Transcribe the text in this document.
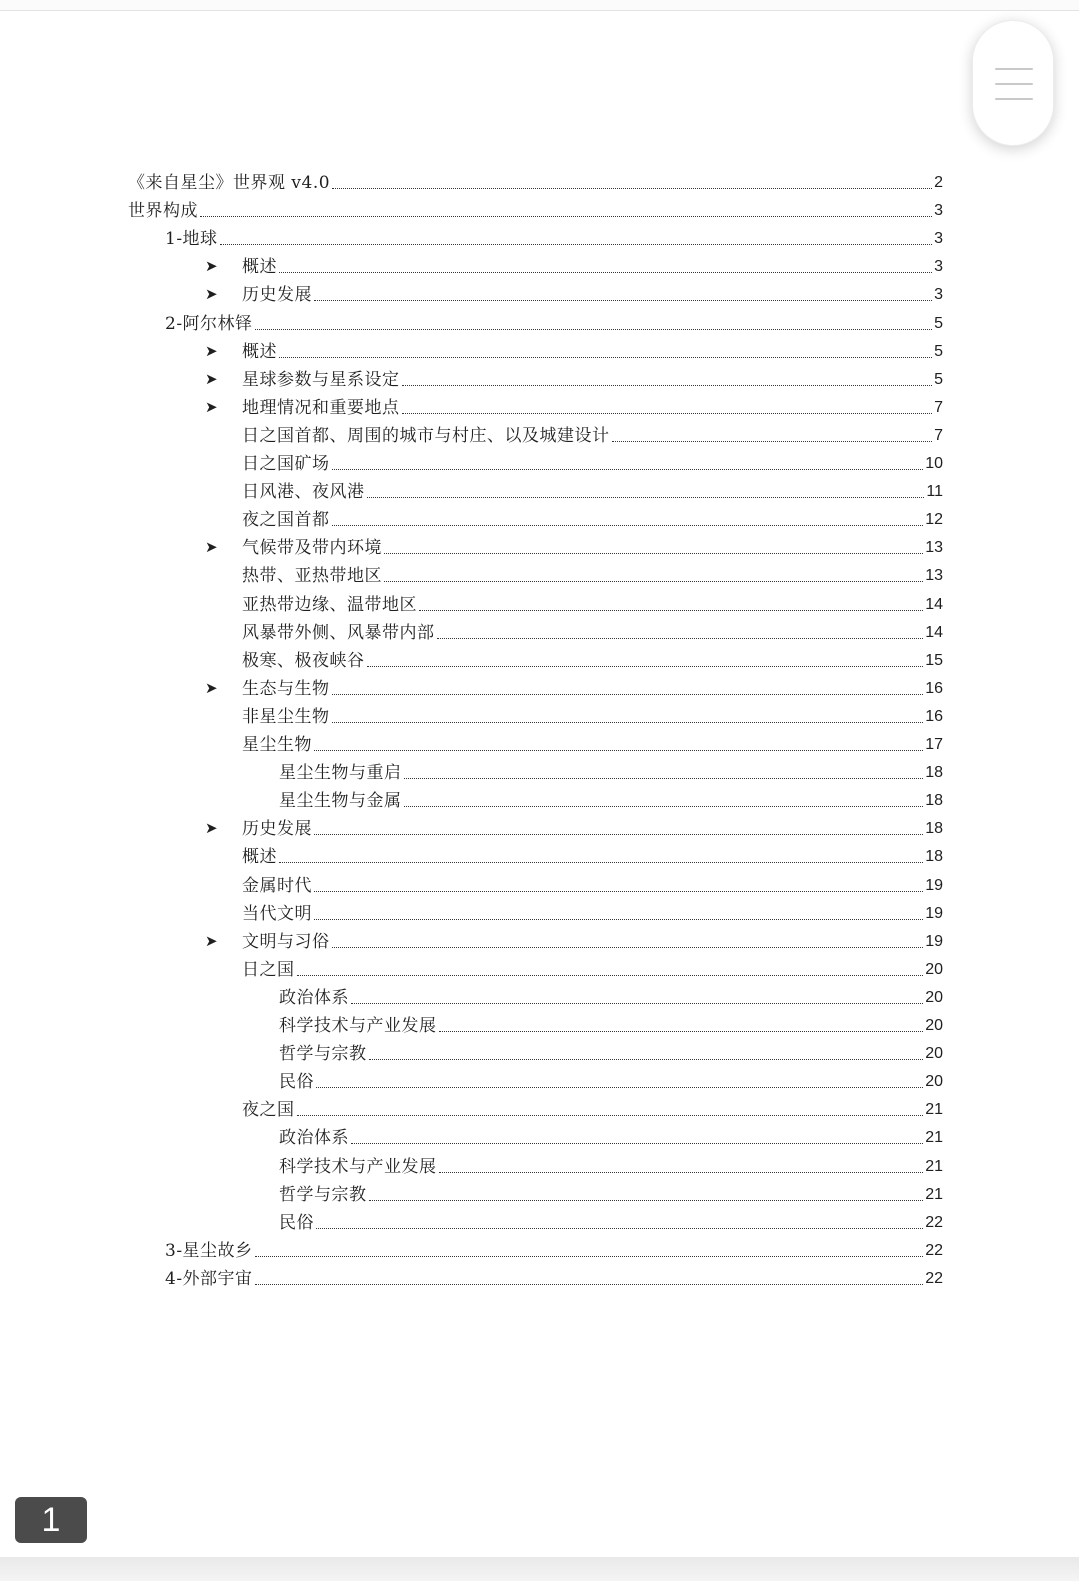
《来自星尘》世界观 v4.0	2
世界构成	3
1-地球	3
➤ 概述	3
➤ 历史发展	3
2-阿尔林铎	5
➤ 概述	5
➤ 星球参数与星系设定	5
➤ 地理情况和重要地点	7
日之国首都、周围的城市与村庄、以及城建设计	7
日之国矿场	10
日风港、夜风港	11
夜之国首都	12
➤ 气候带及带内环境	13
热带、亚热带地区	13
亚热带边缘、温带地区	14
风暴带外侧、风暴带内部	14
极寒、极夜峡谷	15
➤ 生态与生物	16
非星尘生物	16
星尘生物	17
星尘生物与重启	18
星尘生物与金属	18
➤ 历史发展	18
概述	18
金属时代	19
当代文明	19
➤ 文明与习俗	19
日之国	20
政治体系	20
科学技术与产业发展	20
哲学与宗教	20
民俗	20
夜之国	21
政治体系	21
科学技术与产业发展	21
哲学与宗教	21
民俗	22
3-星尘故乡	22
4-外部宇宙	22
1
